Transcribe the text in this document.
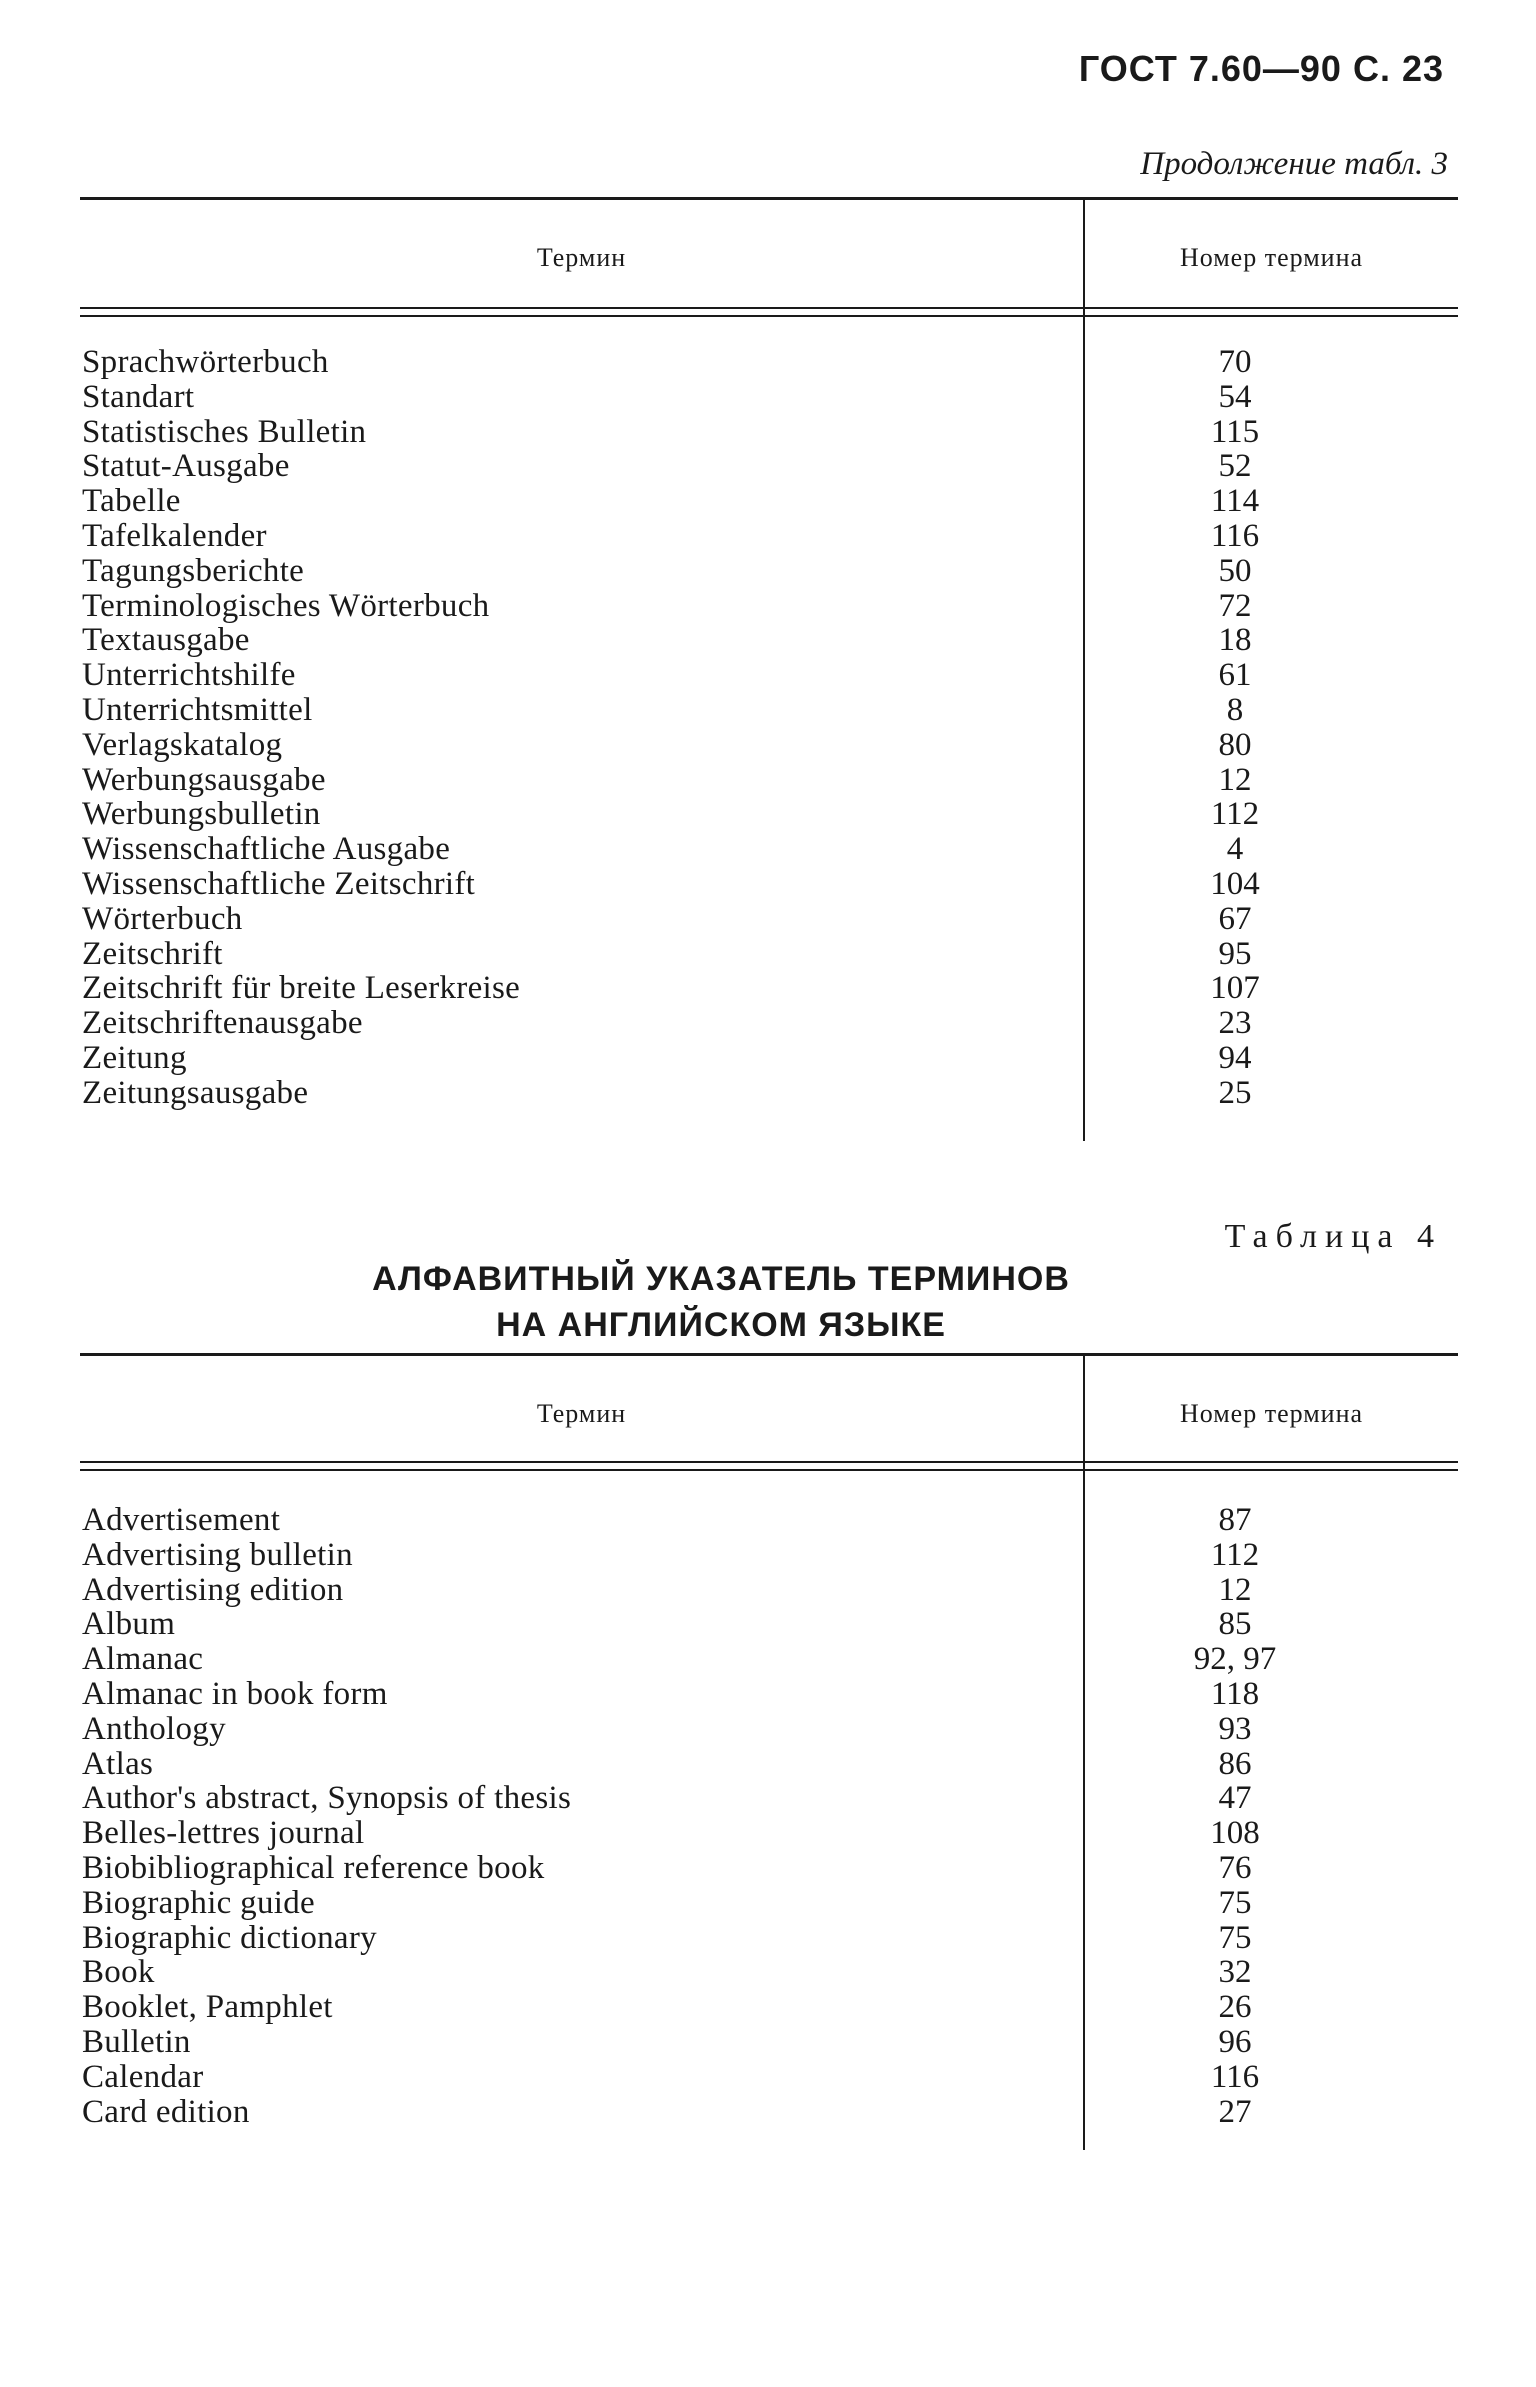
ГОСТ 7.60—90 С. 23
Продолжение табл. 3
Термин	Номер термина
Sprachwörterbuch	70
Standart	54
Statistisches Bulletin	115
Statut-Ausgabe	52
Tabelle	114
Tafelkalender	116
Tagungsberichte	50
Terminologisches Wörterbuch	72
Textausgabe	18
Unterrichtshilfe	61
Unterrichtsmittel	8
Verlagskatalog	80
Werbungsausgabe	12
Werbungsbulletin	112
Wissenschaftliche Ausgabe	4
Wissenschaftliche Zeitschrift	104
Wörterbuch	67
Zeitschrift	95
Zeitschrift für breite Leserkreise	107
Zeitschriftenausgabe	23
Zeitung	94
Zeitungsausgabe	25
Таблица 4
АЛФАВИТНЫЙ УКАЗАТЕЛЬ ТЕРМИНОВ
НА АНГЛИЙСКОМ ЯЗЫКЕ
Термин	Номер термина
Advertisement	87
Advertising bulletin	112
Advertising edition	12
Album	85
Almanac	92, 97
Almanac in book form	118
Anthology	93
Atlas	86
Author's abstract, Synopsis of thesis	47
Belles-lettres journal	108
Biobibliographical reference book	76
Biographic guide	75
Biographic dictionary	75
Book	32
Booklet, Pamphlet	26
Bulletin	96
Calendar	116
Card edition	27
